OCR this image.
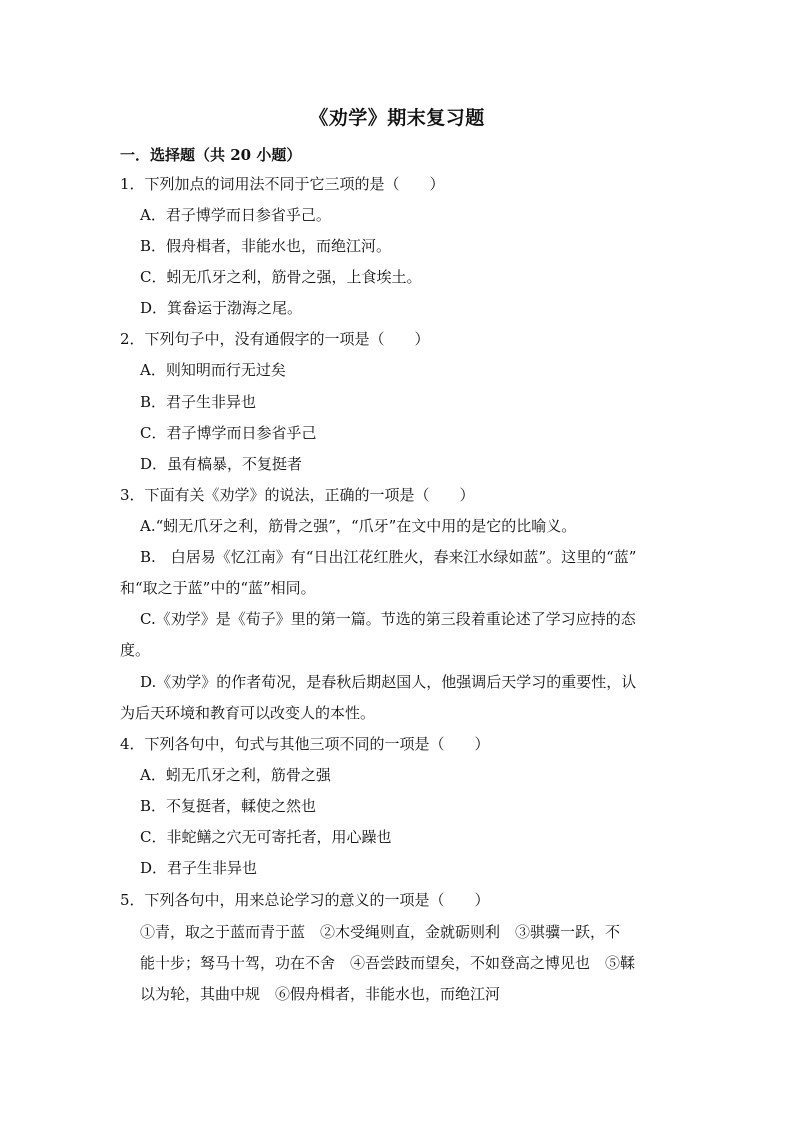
《劝学》期末复习题
一．选择题（共 20 小题）
1．下列加点的词用法不同于它三项的是（　　）
A．君子博学而日参省乎己。
B．假舟楫者，非能水也，而绝江河。
C．蚓无爪牙之利，筋骨之强，上食埃土。
D．箕畚运于渤海之尾。
2．下列句子中，没有通假字的一项是（　　）
A．则知明而行无过矣
B．君子生非异也
C．君子博学而日参省乎己
D．虽有槁暴，不复挺者
3．下面有关《劝学》的说法，正确的一项是（　　）
A.“蚓无爪牙之利，筋骨之强”，“爪牙”在文中用的是它的比喻义。
B.　白居易《忆江南》有“日出江花红胜火，春来江水绿如蓝”。这里的“蓝”
和“取之于蓝”中的“蓝”相同。
C.《劝学》是《荀子》里的第一篇。节选的第三段着重论述了学习应持的态
度。
D.《劝学》的作者荀况，是春秋后期赵国人，他强调后天学习的重要性，认
为后天环境和教育可以改变人的本性。
4．下列各句中，句式与其他三项不同的一项是（　　）
A．蚓无爪牙之利，筋骨之强
B．不复挺者，輮使之然也
C．非蛇鳝之穴无可寄托者，用心躁也
D．君子生非异也
5．下列各句中，用来总论学习的意义的一项是（　　）
①青，取之于蓝而青于蓝　②木受绳则直，金就砺则利　③骐骥一跃，不
能十步；驽马十驾，功在不舍　④吾尝跂而望矣，不如登高之博见也　⑤鞣
以为轮，其曲中规　⑥假舟楫者，非能水也，而绝江河
